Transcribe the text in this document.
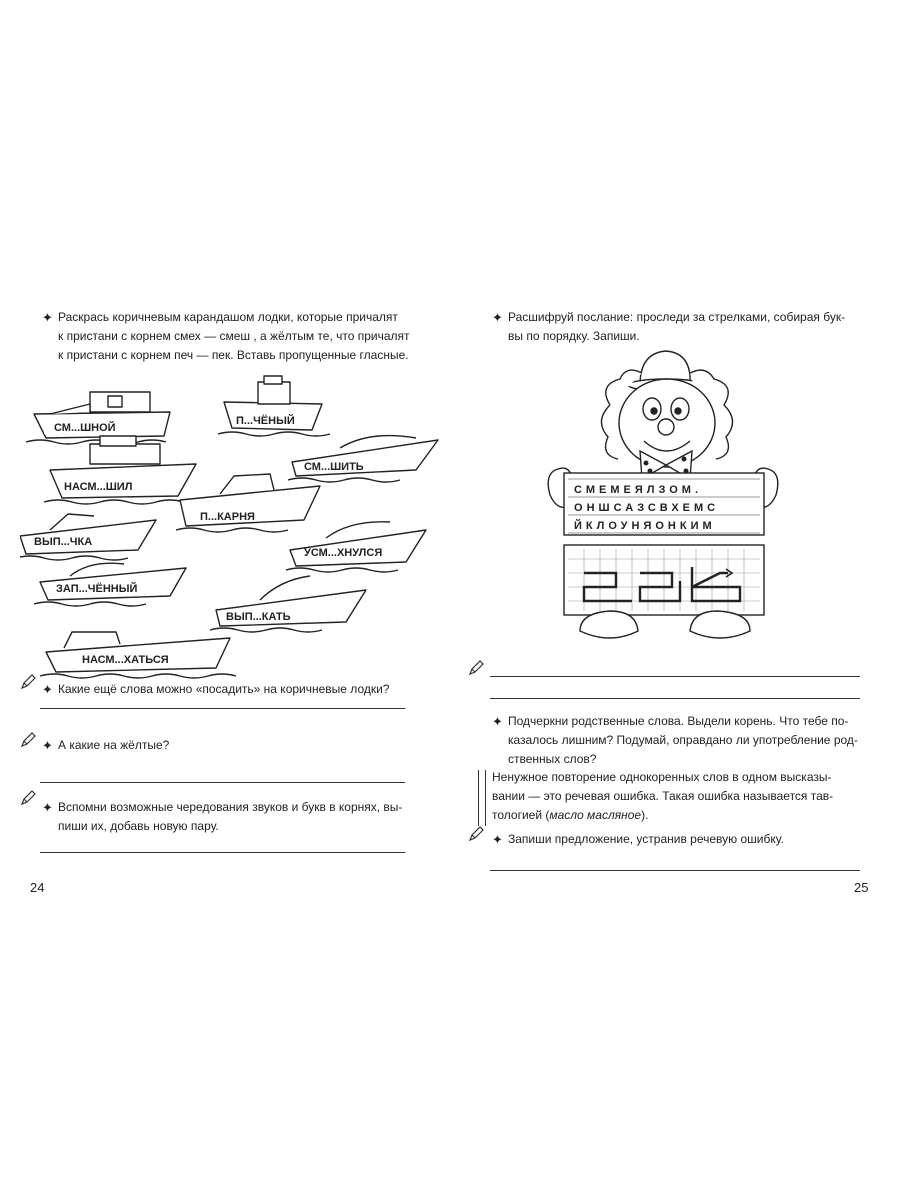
✦ Раскрась коричневым карандашом лодки, которые причалят
к пристани с корнем смех — смеш , а жёлтым те, что причалят
к пристани с корнем печ — пек. Вставь пропущенные гласные.
СМ...ШНОЙ
П...ЧЁНЫЙ
СМ...ШИТЬ
НАСМ...ШИЛ
П...КАРНЯ
ВЫП...ЧКА
УСМ...ХНУЛСЯ
ЗАП...ЧЁННЫЙ
ВЫП...КАТЬ
НАСМ...ХАТЬСЯ
✦ Какие ещё слова можно «посадить» на коричневые лодки?
✦ А какие на жёлтые?
✦ Вспомни возможные чередования звуков и букв в корнях, вы-
пиши их, добавь новую пару.
24
✦ Расшифруй послание: проследи за стрелками, собирая бук-
вы по порядку. Запиши.
С М Е М Е Я Л З О М .
О Н Ш С А З С В Х Е М С
Й К Л О У Н Я О Н К И М
✦ Подчеркни родственные слова. Выдели корень. Что тебе по-
казалось лишним? Подумай, оправдано ли употребление род-
ственных слов?
Ненужное повторение однокоренных слов в одном высказы-
вании — это речевая ошибка. Такая ошибка называется тав-
тологией (масло масляное).
✦ Запиши предложение, устранив речевую ошибку.
25
